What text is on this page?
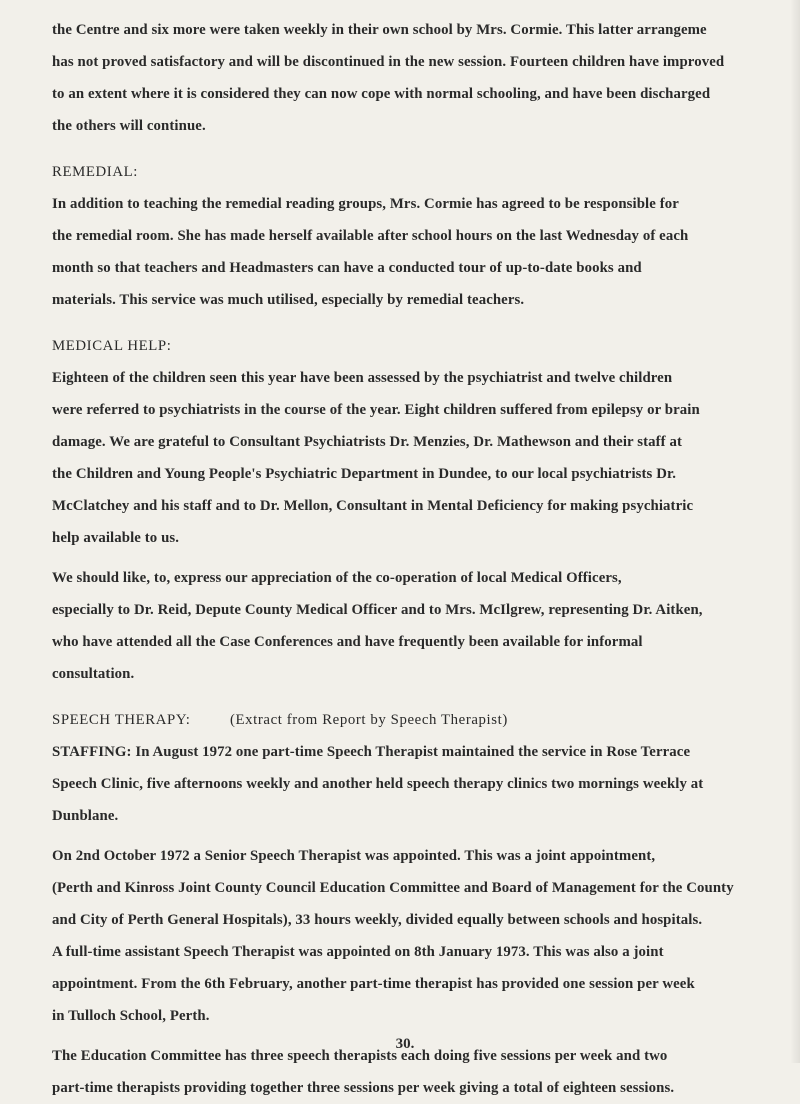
the Centre and six more were taken weekly in their own school by Mrs. Cormie. This latter arrangeme
has not proved satisfactory and will be discontinued in the new session. Fourteen children have improved
to an extent where it is considered they can now cope with normal schooling, and have been discharged
the others will continue.

REMEDIAL:

In addition to teaching the remedial reading groups, Mrs. Cormie has agreed to be responsible for
the remedial room. She has made herself available after school hours on the last Wednesday of each
month so that teachers and Headmasters can have a conducted tour of up-to-date books and
materials. This service was much utilised, especially by remedial teachers.

MEDICAL HELP:

Eighteen of the children seen this year have been assessed by the psychiatrist and twelve children
were referred to psychiatrists in the course of the year. Eight children suffered from epilepsy or brain
damage. We are grateful to Consultant Psychiatrists Dr. Menzies, Dr. Mathewson and their staff at
the Children and Young People's Psychiatric Department in Dundee, to our local psychiatrists Dr.
McClatchey and his staff and to Dr. Mellon, Consultant in Mental Deficiency for making psychiatric
help available to us.

We should like, to, express our appreciation of the co-operation of local Medical Officers,
especially to Dr. Reid, Depute County Medical Officer and to Mrs. McIlgrew, representing Dr. Aitken,
who have attended all the Case Conferences and have frequently been available for informal
consultation.

SPEECH THERAPY:	(Extract from Report by Speech Therapist)

STAFFING: In August 1972 one part-time Speech Therapist maintained the service in Rose Terrace
Speech Clinic, five afternoons weekly and another held speech therapy clinics two mornings weekly at
Dunblane.

On 2nd October 1972 a Senior Speech Therapist was appointed. This was a joint appointment,
(Perth and Kinross Joint County Council Education Committee and Board of Management for the County
and City of Perth General Hospitals), 33 hours weekly, divided equally between schools and hospitals.
A full-time assistant Speech Therapist was appointed on 8th January 1973. This was also a joint
appointment. From the 6th February, another part-time therapist has provided one session per week
in Tulloch School, Perth.

The Education Committee has three speech therapists each doing five sessions per week and two
part-time therapists providing together three sessions per week giving a total of eighteen sessions.

30.
